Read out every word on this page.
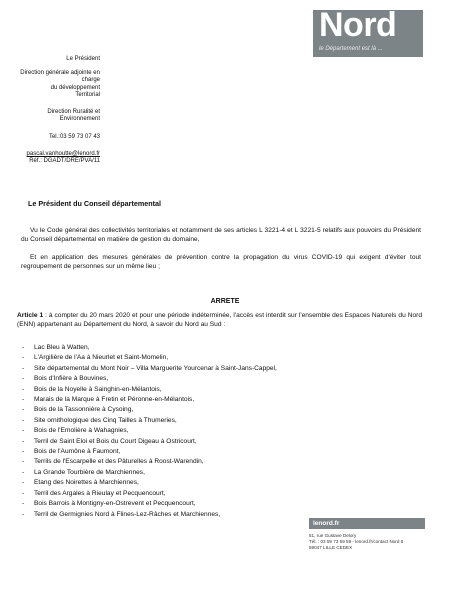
Nord
le Département est là ...
Le Président
Direction générale adjointe en
charge
du développement
Territorial
Direction Ruralité et
Environnement
Tel.:03 59 73 07 43
pascal.vanhoutte@lenord.fr
Réf.: DGADT/DRE/PVA/11
Le Président du Conseil départemental
Vu le Code général des collectivités territoriales et notamment de ses articles L 3221-4 et L 3221-5 relatifs aux pouvoirs du Président du Conseil départemental en matière de gestion du domaine,
Et en application des mesures générales de prévention contre la propagation du virus COVID-19 qui exigent d'éviter tout regroupement de personnes sur un même lieu ;
ARRETE
Article 1 : à compter du 20 mars 2020 et pour une période indéterminée, l'accès est interdit sur l'ensemble des Espaces Naturels du Nord (ENN) appartenant au Département du Nord, à savoir du Nord au Sud :
- Lac Bleu à Watten,
- L'Argilière de l'Aa à Nieurlet et Saint-Momelin,
- Site départemental du Mont Noir – Villa Marguerite Yourcenar à Saint-Jans-Cappel,
- Bois d'Infière à Bouvines,
- Bois de la Noyelle à Sainghin-en-Mélantois,
- Marais de la Marque à Fretin et Péronne-en-Mélantois,
- Bois de la Tassonnière à Cysoing,
- Site ornithologique des Cinq Tailles à Thumeries,
- Bois de l'Emolière à Wahagnies,
- Terril de Saint Eloi et Bois du Court Digeau à Ostricourt,
- Bois de l'Aumône à Faumont,
- Terrils de l'Escarpelle et des Pâturelles à Roost-Warendin,
- La Grande Tourbière de Marchiennes,
- Etang des Noirettes à Marchiennes,
- Terril des Argales à Rieulay et Pecquencourt,
- Bois Barrois à Montigny-en-Ostrevent et Pecquencourt,
- Terril de Germignies Nord à Flines-Lez-Râches et Marchiennes,
lenord.fr
51, rue Gustave Delory
Tél. : 03 59 73 59 59 - lenord.fr/contact Nord 6
59047 LILLE CEDEX
